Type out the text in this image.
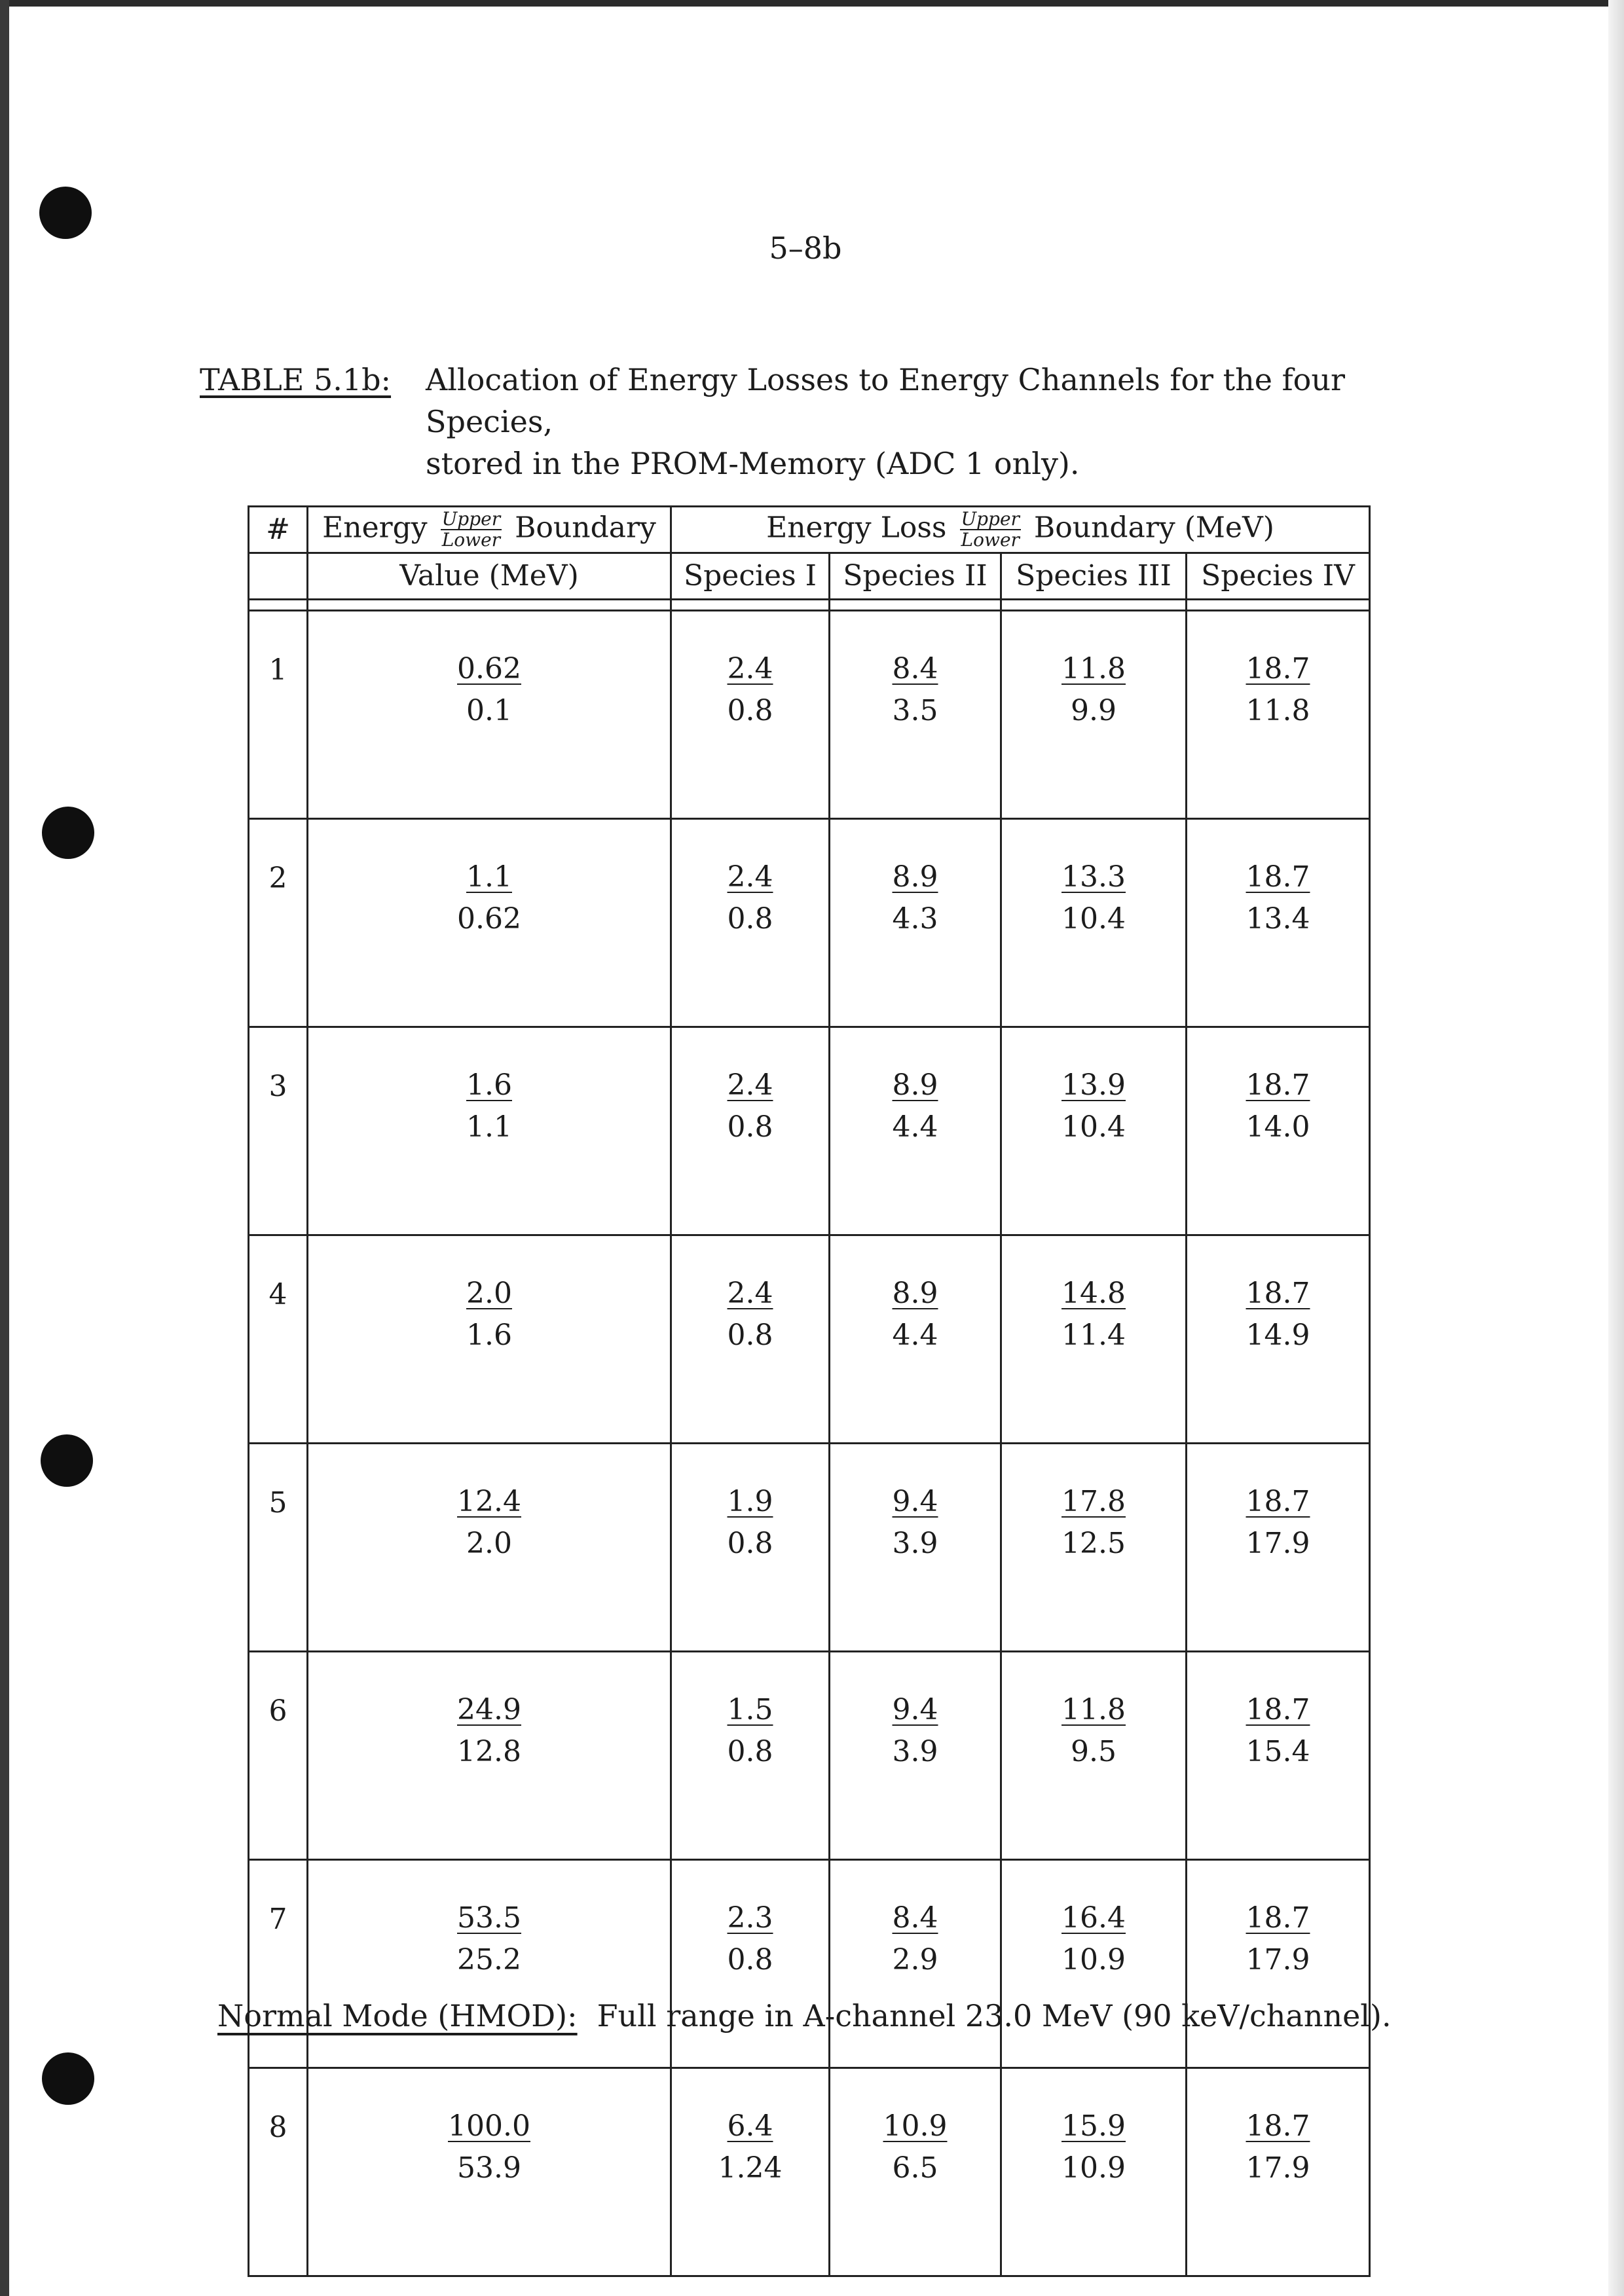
5–8b
TABLE 5.1b: Allocation of Energy Losses to Energy Channels for the four Species,
stored in the PROM-Memory (ADC 1 only).
#	Energy $\frac{\text{Upper}}{\text{Lower}}$ Boundary	Energy Loss $\frac{\text{Upper}}{\text{Lower}}$ Boundary (MeV)			
	Value (MeV)	Species I	Species II	Species III	Species IV

1	$\frac{0.62}{0.1}$	$\frac{2.4}{0.8}$	$\frac{8.4}{3.5}$	$\frac{11.8}{9.9}$	$\frac{18.7}{11.8}$

2	$\frac{1.1}{0.62}$	$\frac{2.4}{0.8}$	$\frac{8.9}{4.3}$	$\frac{13.3}{10.4}$	$\frac{18.7}{13.4}$

3	$\frac{1.6}{1.1}$	$\frac{2.4}{0.8}$	$\frac{8.9}{4.4}$	$\frac{13.9}{10.4}$	$\frac{18.7}{14.0}$

4	$\frac{2.0}{1.6}$	$\frac{2.4}{0.8}$	$\frac{8.9}{4.4}$	$\frac{14.8}{11.4}$	$\frac{18.7}{14.9}$

5	$\frac{12.4}{2.0}$	$\frac{1.9}{0.8}$	$\frac{9.4}{3.9}$	$\frac{17.8}{12.5}$	$\frac{18.7}{17.9}$

6	$\frac{24.9}{12.8}$	$\frac{1.5}{0.8}$	$\frac{9.4}{3.9}$	$\frac{11.8}{9.5}$	$\frac{18.7}{15.4}$

7	$\frac{53.5}{25.2}$	$\frac{2.3}{0.8}$	$\frac{8.4}{2.9}$	$\frac{16.4}{10.9}$	$\frac{18.7}{17.9}$

8	$\frac{100.0}{53.9}$	$\frac{6.4}{1.24}$	$\frac{10.9}{6.5}$	$\frac{15.9}{10.9}$	$\frac{18.7}{17.9}$
Normal Mode (HMOD): Full range in A-channel 23.0 MeV (90 keV/channel).
